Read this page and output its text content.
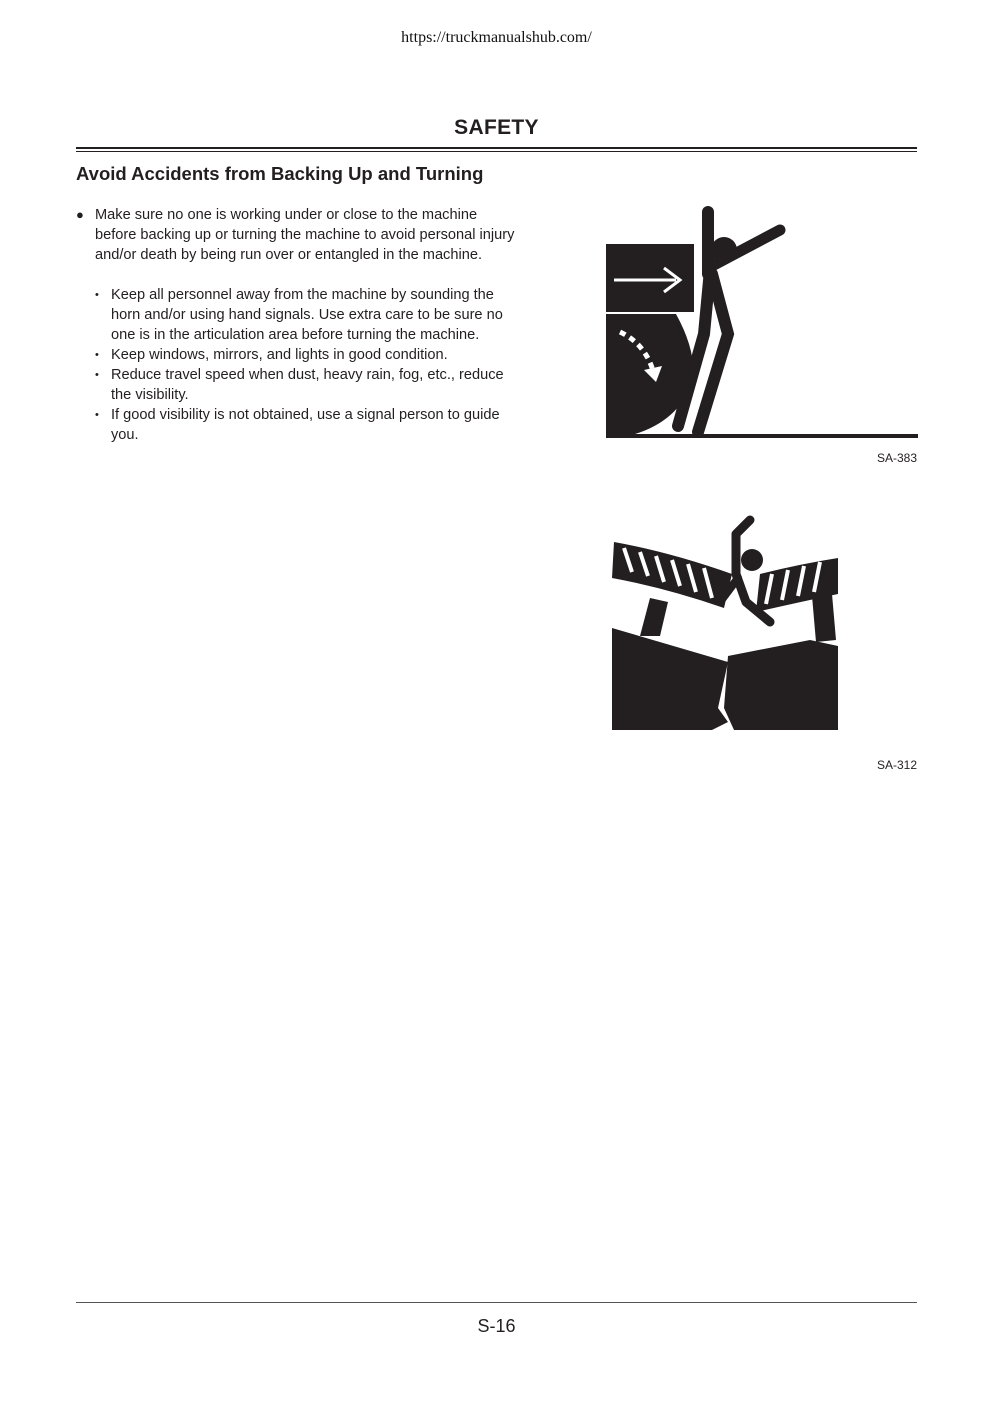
https://truckmanualshub.com/
SAFETY
Avoid Accidents from Backing Up and Turning
● Make sure no one is working under or close to the machine before backing up or turning the machine to avoid personal injury and/or death by being run over or entangled in the machine.
• Keep all personnel away from the machine by sounding the horn and/or using hand signals. Use extra care to be sure no one is in the articulation area before turning the machine.
• Keep windows, mirrors, and lights in good condition.
• Reduce travel speed when dust, heavy rain, fog, etc., reduce the visibility.
• If good visibility is not obtained, use a signal person to guide you.
SA-383
SA-312
S-16
